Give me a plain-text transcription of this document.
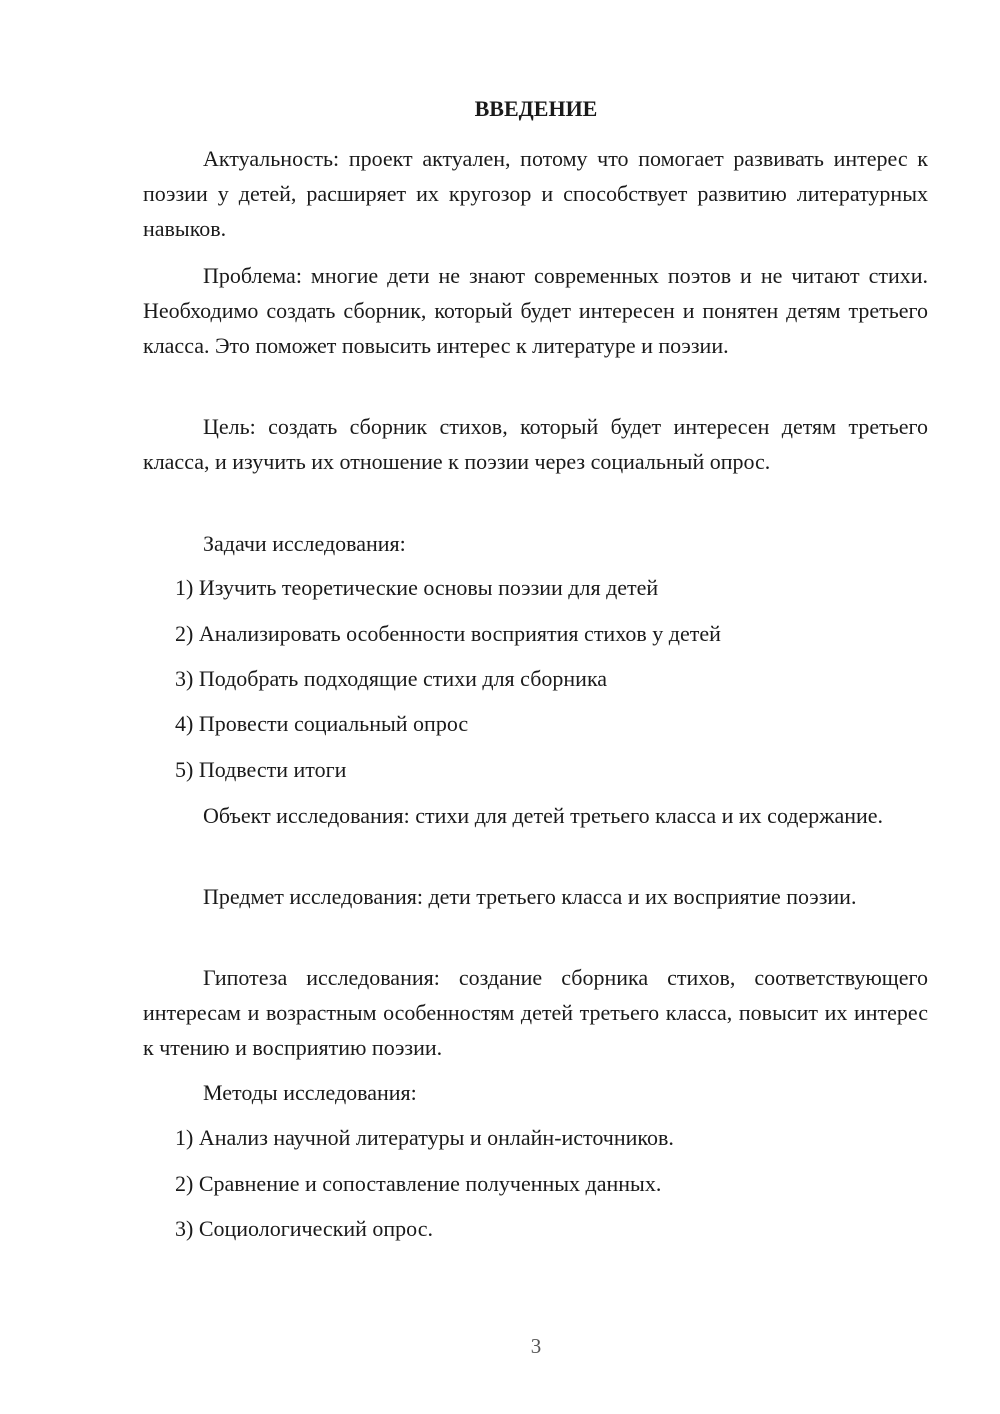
ВВЕДЕНИЕ

Актуальность: проект актуален, потому что помогает развивать интерес к поэзии у детей, расширяет их кругозор и способствует развитию литературных навыков.

Проблема: многие дети не знают современных поэтов и не читают стихи. Необходимо создать сборник, который будет интересен и понятен детям третьего класса. Это поможет повысить интерес к литературе и поэзии.

Цель: создать сборник стихов, который будет интересен детям третьего класса, и изучить их отношение к поэзии через социальный опрос.

Задачи исследования:

1) Изучить теоретические основы поэзии для детей

2) Анализировать особенности восприятия стихов у детей

3) Подобрать подходящие стихи для сборника

4) Провести социальный опрос

5) Подвести итоги

Объект исследования: стихи для детей третьего класса и их содержание.

Предмет исследования: дети третьего класса и их восприятие поэзии.

Гипотеза исследования: создание сборника стихов, соответствующего интересам и возрастным особенностям детей третьего класса, повысит их интерес к чтению и восприятию поэзии.

Методы исследования:

1) Анализ научной литературы и онлайн-источников.

2) Сравнение и сопоставление полученных данных.

3) Социологический опрос.

3
